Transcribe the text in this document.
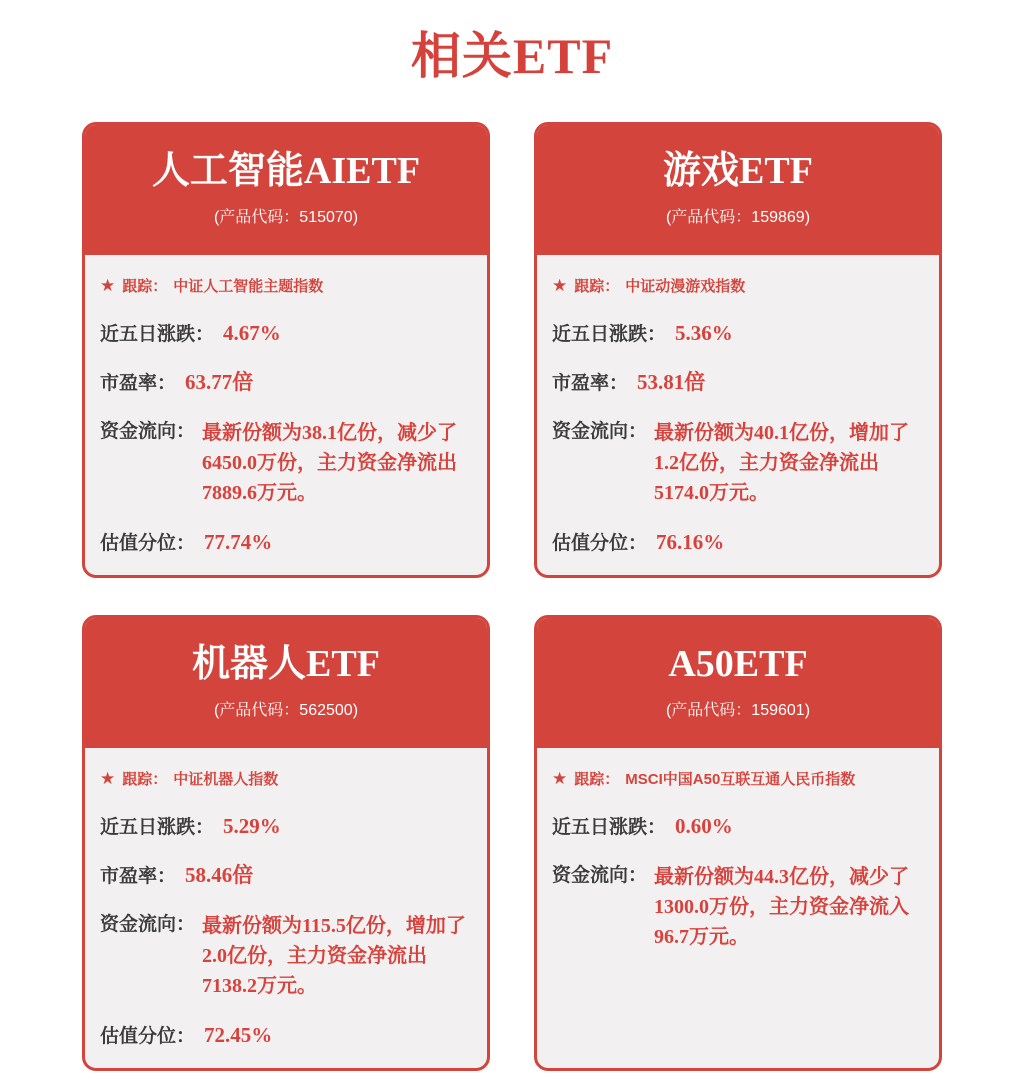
相关ETF
人工智能AIETF
(产品代码：515070)
★ 跟踪： 中证人工智能主题指数
近五日涨跌： 4.67%
市盈率： 63.77倍
资金流向： 最新份额为38.1亿份，减少了6450.0万份，主力资金净流出7889.6万元。
估值分位： 77.74%
游戏ETF
(产品代码：159869)
★ 跟踪： 中证动漫游戏指数
近五日涨跌： 5.36%
市盈率： 53.81倍
资金流向： 最新份额为40.1亿份，增加了1.2亿份，主力资金净流出5174.0万元。
估值分位： 76.16%
机器人ETF
(产品代码：562500)
★ 跟踪： 中证机器人指数
近五日涨跌： 5.29%
市盈率： 58.46倍
资金流向： 最新份额为115.5亿份，增加了2.0亿份，主力资金净流出7138.2万元。
估值分位： 72.45%
A50ETF
(产品代码：159601)
★ 跟踪： MSCI中国A50互联互通人民币指数
近五日涨跌： 0.60%
资金流向： 最新份额为44.3亿份，减少了1300.0万份，主力资金净流入96.7万元。
